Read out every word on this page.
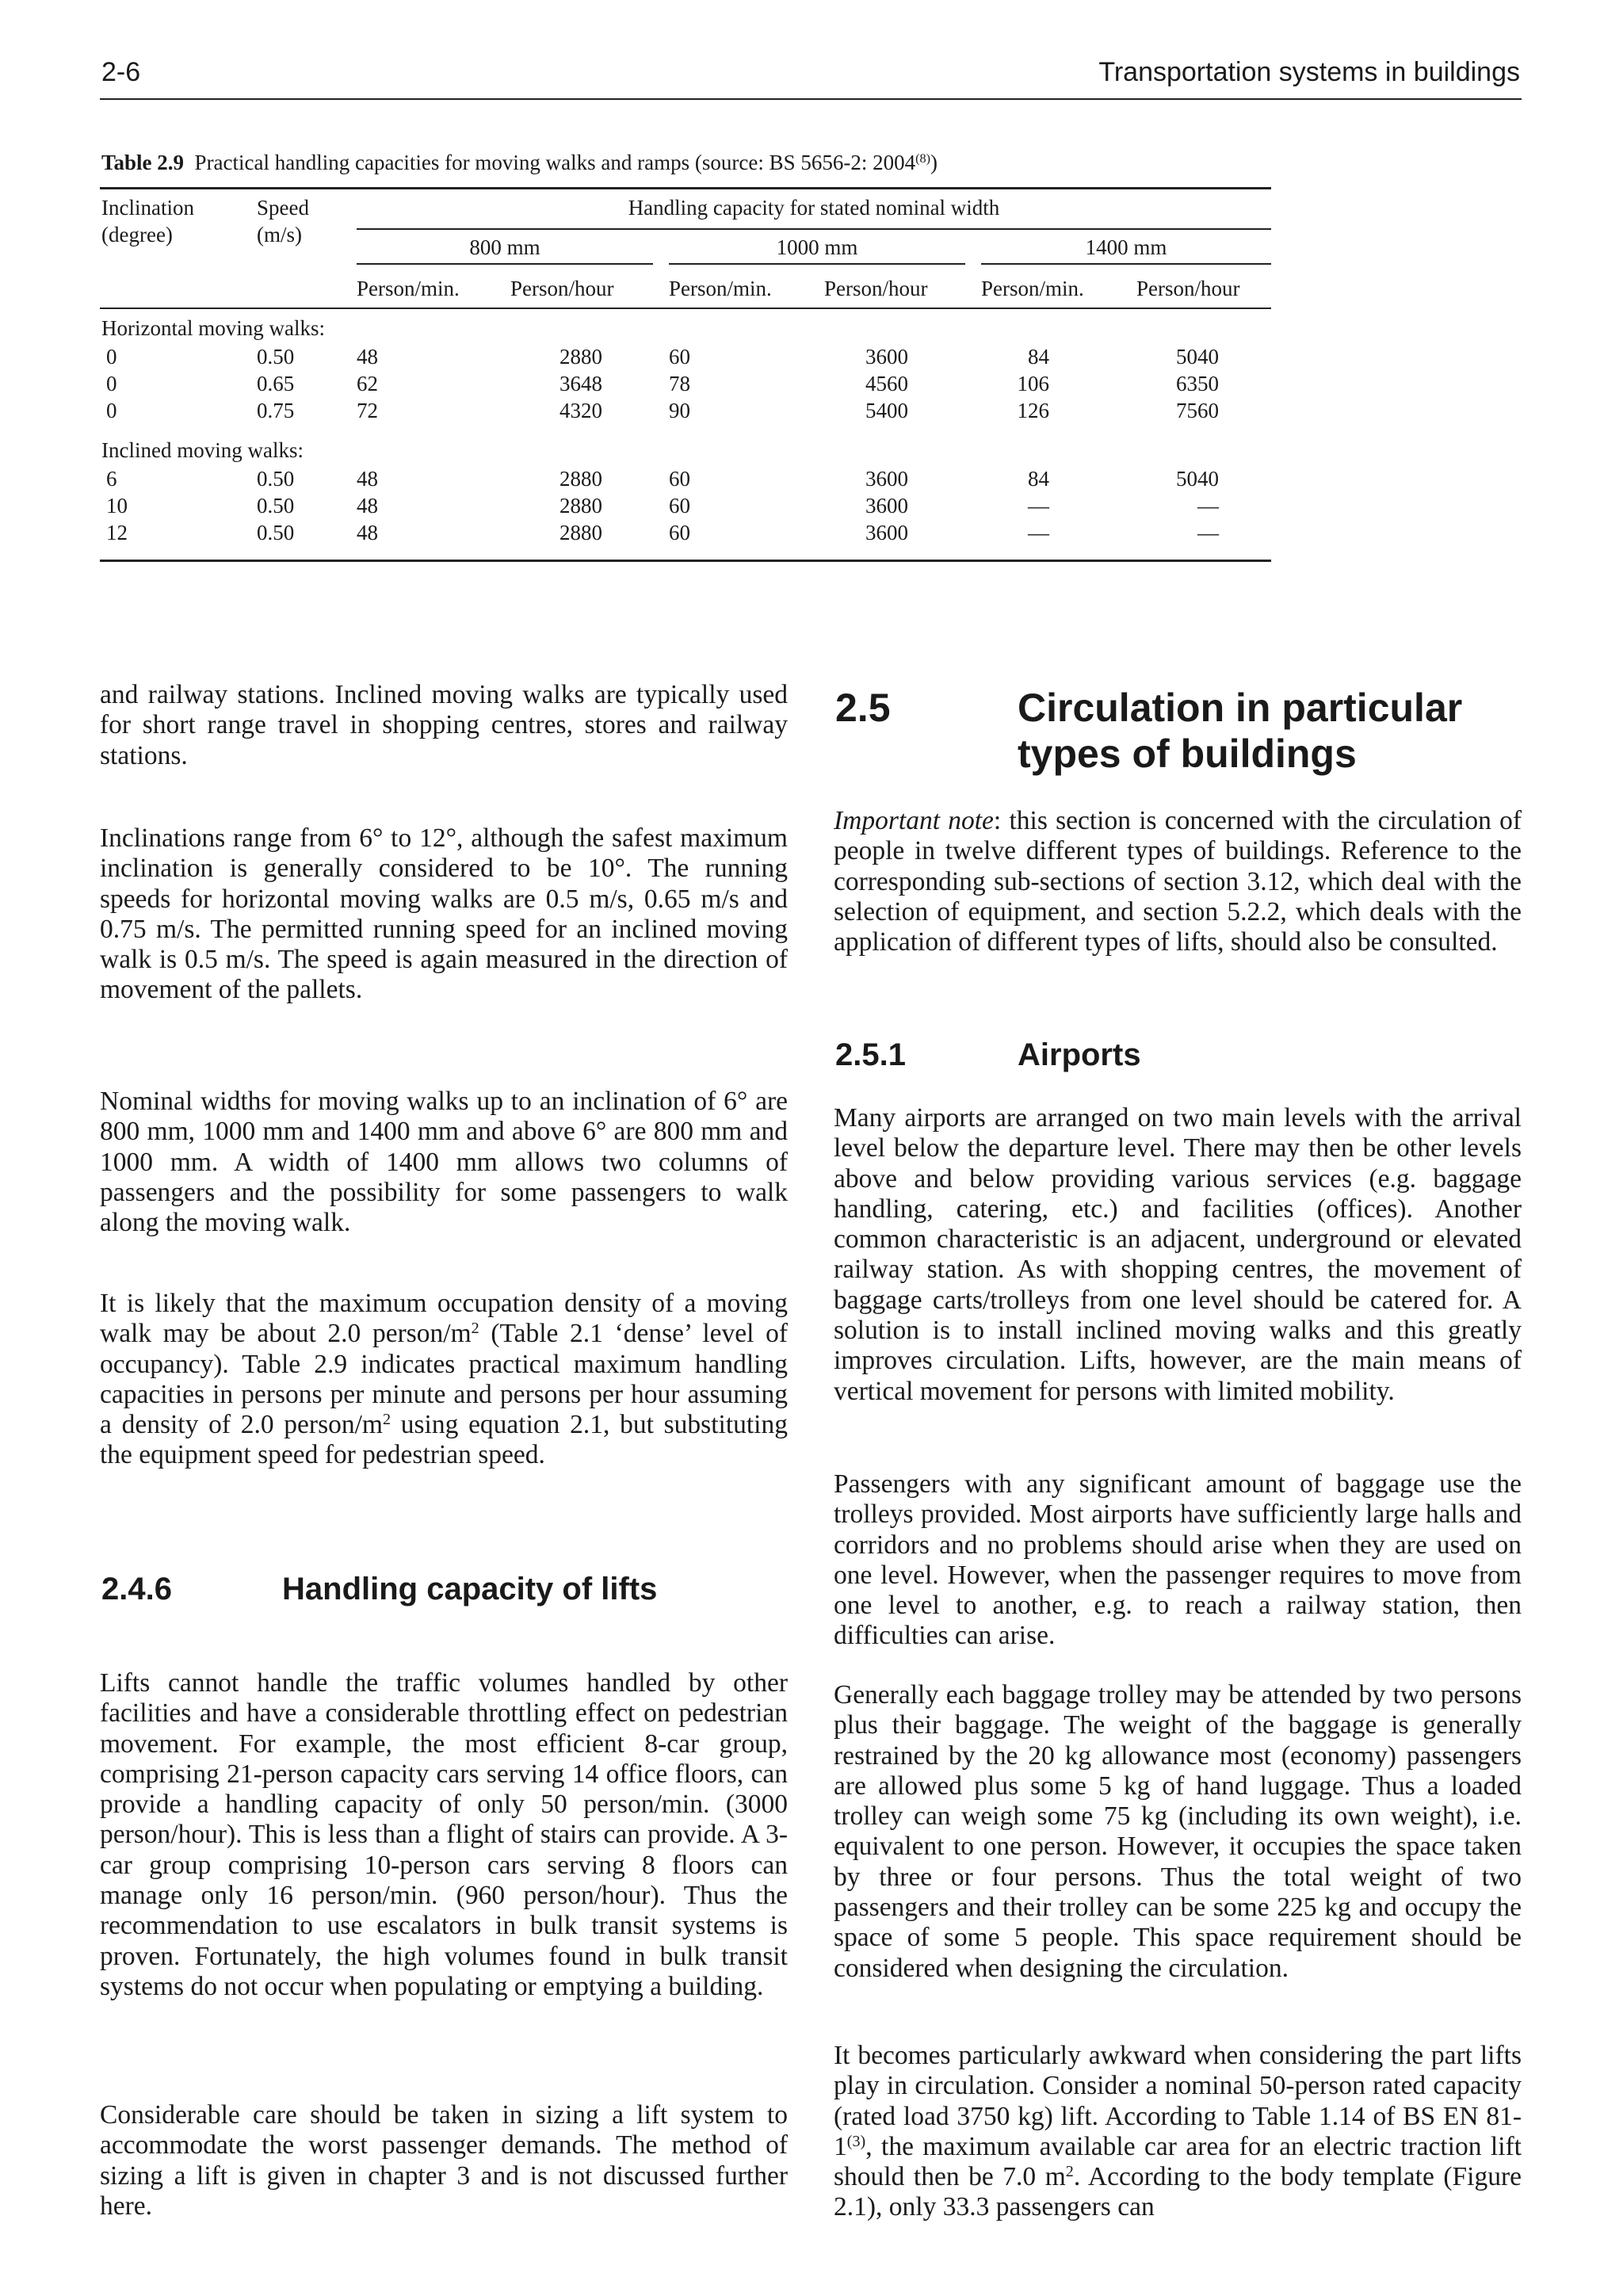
2-6	Transportation systems in buildings
Table 2.9 Practical handling capacities for moving walks and ramps (source: BS 5656-2: 2004$^{(8)}$)
Inclination
(degree)
Speed
(m/s)
Handling capacity for stated nominal width
800 mm	1000 mm	1400 mm
Person/min. Person/hour	Person/min. Person/hour	Person/min. Person/hour
Horizontal moving walks:
0	0.50	48	2880	60	3600	84	5040
0	0.65	62	3648	78	4560	106	6350
0	0.75	72	4320	90	5400	126	7560
Inclined moving walks:
6	0.50	48	2880	60	3600	84	5040
10	0.50	48	2880	60	3600	—	—
12	0.50	48	2880	60	3600	—	—
and railway stations. Inclined moving walks are typically used for short range travel in shopping centres, stores and railway stations.
Inclinations range from 6° to 12°, although the safest maximum inclination is generally considered to be 10°. The running speeds for horizontal moving walks are 0.5 m/s, 0.65 m/s and 0.75 m/s. The permitted running speed for an inclined moving walk is 0.5 m/s. The speed is again measured in the direction of movement of the pallets.
Nominal widths for moving walks up to an inclination of 6° are 800 mm, 1000 mm and 1400 mm and above 6° are 800 mm and 1000 mm. A width of 1400 mm allows two columns of passengers and the possibility for some passengers to walk along the moving walk.
It is likely that the maximum occupation density of a moving walk may be about 2.0 person/$m^2$ (Table 2.1 ‘dense’ level of occupancy). Table 2.9 indicates practical maximum handling capacities in persons per minute and persons per hour assuming a density of 2.0 person/$m^2$ using equation 2.1, but substituting the equipment speed for pedestrian speed.
2.4.6	Handling capacity of lifts
Lifts cannot handle the traffic volumes handled by other facilities and have a considerable throttling effect on pedestrian movement. For example, the most efficient 8-car group, comprising 21-person capacity cars serving 14 office floors, can provide a handling capacity of only 50 person/min. (3000 person/hour). This is less than a flight of stairs can provide. A 3-car group comprising 10-person cars serving 8 floors can manage only 16 person/min. (960 person/hour). Thus the recommendation to use escalators in bulk transit systems is proven. Fortunately, the high volumes found in bulk transit systems do not occur when populating or emptying a building.
Considerable care should be taken in sizing a lift system to accommodate the worst passenger demands. The method of sizing a lift is given in chapter 3 and is not discussed further here.
2.5	Circulation in particular types of buildings
Important note: this section is concerned with the circulation of people in twelve different types of buildings. Reference to the corresponding sub-sections of section 3.12, which deal with the selection of equipment, and section 5.2.2, which deals with the application of different types of lifts, should also be consulted.
2.5.1	Airports
Many airports are arranged on two main levels with the arrival level below the departure level. There may then be other levels above and below providing various services (e.g. baggage handling, catering, etc.) and facilities (offices). Another common characteristic is an adjacent, underground or elevated railway station. As with shopping centres, the movement of baggage carts/trolleys from one level should be catered for. A solution is to install inclined moving walks and this greatly improves circulation. Lifts, however, are the main means of vertical movement for persons with limited mobility.
Passengers with any significant amount of baggage use the trolleys provided. Most airports have sufficiently large halls and corridors and no problems should arise when they are used on one level. However, when the passenger requires to move from one level to another, e.g. to reach a railway station, then difficulties can arise.
Generally each baggage trolley may be attended by two persons plus their baggage. The weight of the baggage is generally restrained by the 20 kg allowance most (economy) passengers are allowed plus some 5 kg of hand luggage. Thus a loaded trolley can weigh some 75 kg (including its own weight), i.e. equivalent to one person. However, it occupies the space taken by three or four persons. Thus the total weight of two passengers and their trolley can be some 225 kg and occupy the space of some 5 people. This space requirement should be considered when designing the circulation.
It becomes particularly awkward when considering the part lifts play in circulation. Consider a nominal 50-person rated capacity (rated load 3750 kg) lift. According to Table 1.14 of BS EN 81-1$^{(3)}$, the maximum available car area for an electric traction lift should then be 7.0 $m^2$. According to the body template (Figure 2.1), only 33.3 passengers can
